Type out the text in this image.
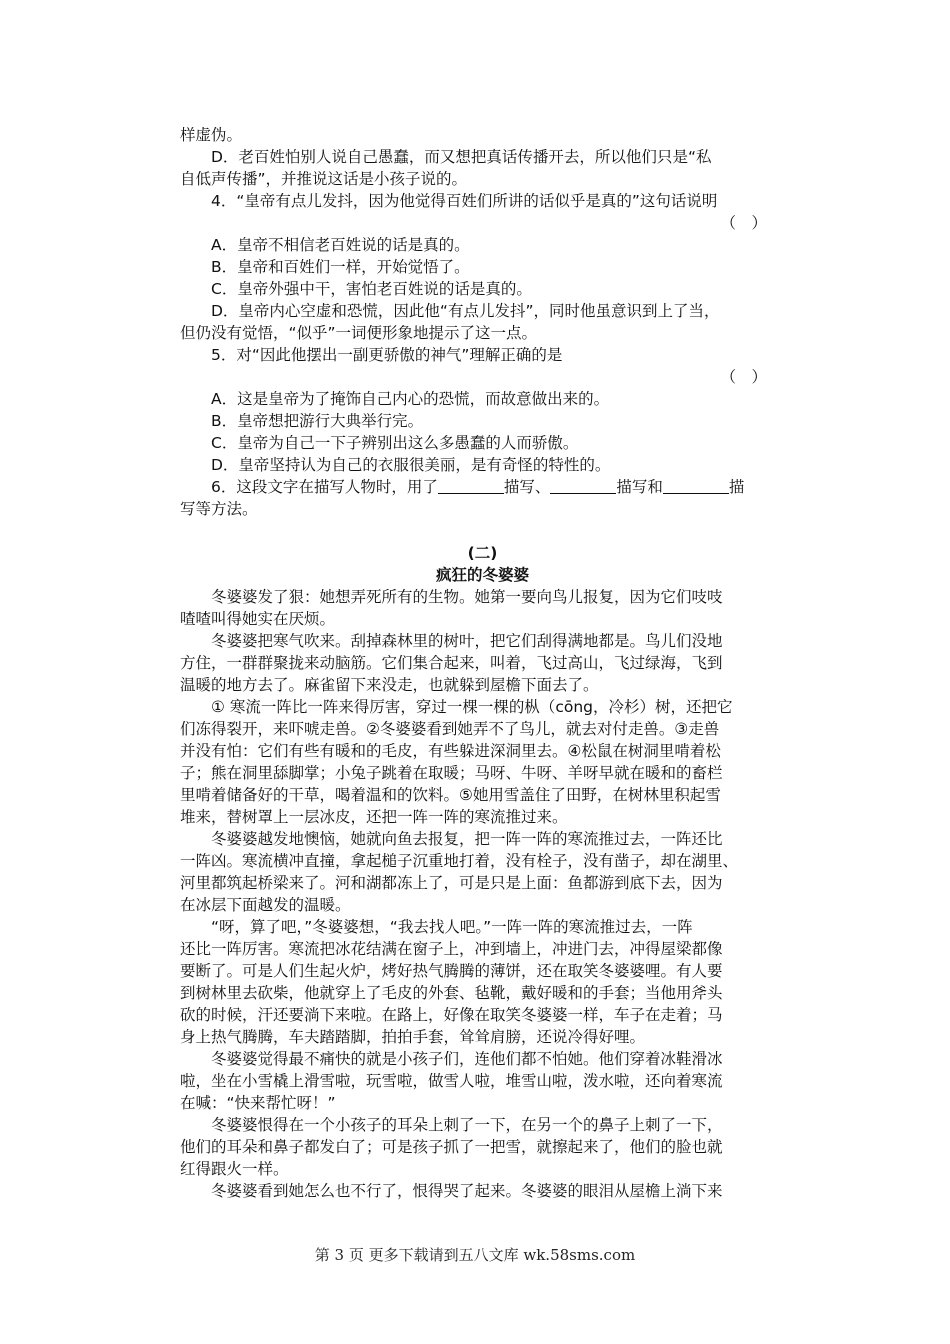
样虚伪。
D．老百姓怕别人说自己愚蠢，而又想把真话传播开去，所以他们只是“私
自低声传播”，并推说这话是小孩子说的。
4．“皇帝有点儿发抖，因为他觉得百姓们所讲的话似乎是真的”这句话说明
（　）
A．皇帝不相信老百姓说的话是真的。
B．皇帝和百姓们一样，开始觉悟了。
C．皇帝外强中干，害怕老百姓说的话是真的。
D．皇帝内心空虚和恐慌，因此他“有点儿发抖”，同时他虽意识到上了当，
但仍没有觉悟，“似乎”一词便形象地提示了这一点。
5．对“因此他摆出一副更骄傲的神气”理解正确的是
（　）
A．这是皇帝为了掩饰自己内心的恐慌，而故意做出来的。
B．皇帝想把游行大典举行完。
C．皇帝为自己一下子辨别出这么多愚蠢的人而骄傲。
D．皇帝坚持认为自己的衣服很美丽，是有奇怪的特性的。
6．这段文字在描写人物时，用了	描写、	描写和	描
写等方法。
(二)
疯狂的冬婆婆
冬婆婆发了狠：她想弄死所有的生物。她第一要向鸟儿报复，因为它们吱吱
喳喳叫得她实在厌烦。
冬婆婆把寒气吹来。刮掉森林里的树叶，把它们刮得满地都是。鸟儿们没地
方住，一群群聚拢来动脑筋。它们集合起来，叫着，飞过高山，飞过绿海，飞到
温暖的地方去了。麻雀留下来没走，也就躲到屋檐下面去了。
① 寒流一阵比一阵来得厉害，穿过一棵一棵的枞（cōng，冷杉）树，还把它
们冻得裂开，来吓唬走兽。②冬婆婆看到她弄不了鸟儿，就去对付走兽。③走兽
并没有怕：它们有些有暖和的毛皮，有些躲进深洞里去。④松鼠在树洞里啃着松
子；熊在洞里舔脚掌；小兔子跳着在取暖；马呀、牛呀、羊呀早就在暖和的畜栏
里啃着储备好的干草，喝着温和的饮料。⑤她用雪盖住了田野，在树林里积起雪
堆来，替树罩上一层冰皮，还把一阵一阵的寒流推过来。
冬婆婆越发地懊恼，她就向鱼去报复，把一阵一阵的寒流推过去，一阵还比
一阵凶。寒流横冲直撞，拿起槌子沉重地打着，没有栓子，没有凿子，却在湖里、
河里都筑起桥梁来了。河和湖都冻上了，可是只是上面：鱼都游到底下去，因为
在冰层下面越发的温暖。
“呀，算了吧，”冬婆婆想，“我去找人吧。”一阵一阵的寒流推过去，一阵
还比一阵厉害。寒流把冰花结满在窗子上，冲到墙上，冲进门去，冲得屋梁都像
要断了。可是人们生起火炉，烤好热气腾腾的薄饼，还在取笑冬婆婆哩。有人要
到树林里去砍柴，他就穿上了毛皮的外套、毡靴，戴好暖和的手套；当他用斧头
砍的时候，汗还要淌下来啦。在路上，好像在取笑冬婆婆一样，车子在走着；马
身上热气腾腾，车夫踏踏脚，拍拍手套，耸耸肩膀，还说冷得好哩。
冬婆婆觉得最不痛快的就是小孩子们，连他们都不怕她。他们穿着冰鞋滑冰
啦，坐在小雪橇上滑雪啦，玩雪啦，做雪人啦，堆雪山啦，泼水啦，还向着寒流
在喊：“快来帮忙呀！”
冬婆婆恨得在一个小孩子的耳朵上刺了一下，在另一个的鼻子上刺了一下，
他们的耳朵和鼻子都发白了；可是孩子抓了一把雪，就擦起来了，他们的脸也就
红得跟火一样。
冬婆婆看到她怎么也不行了，恨得哭了起来。冬婆婆的眼泪从屋檐上淌下来
第 3 页 更多下载请到五八文库 wk.58sms.com
